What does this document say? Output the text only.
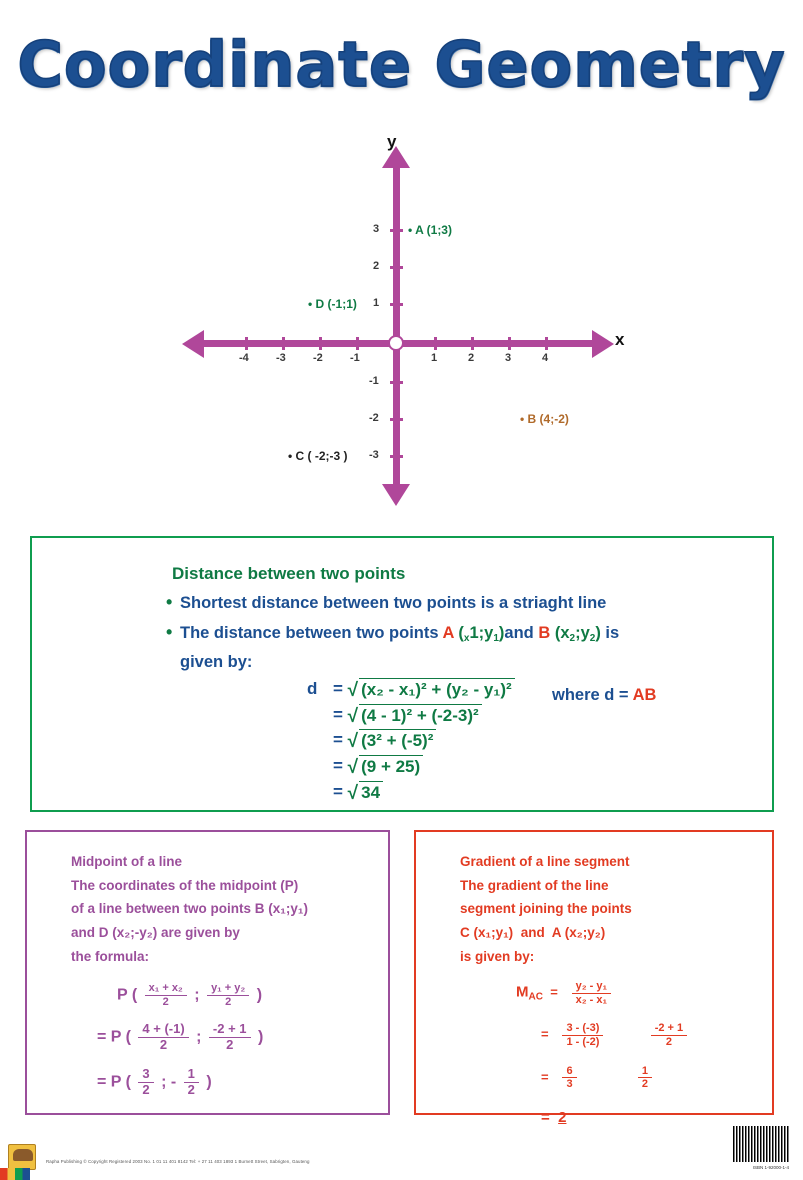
Coordinate Geometry
-4 -3 -2 -1	1	2	3	4
3
2
1
-1
-2
-3
y
x
• A (1;3)
• D (-1;1)
• B (4;-2)
• C ( -2;-3 )
Distance between two points
• Shortest distance between two points is a striaght line
• The distance between two points A $(_x1;y_1)and$ B $(x_2;y_2)$ is
given by:
d =
√ (x₂ - x₁)² + (y₂ - y₁)²
=
√ (4 - 1)² + (-2-3)²
=
√ (3² + (-5)²
=
√ (9 + 25)
=
√ 34
where d = AB
Midpoint of a line
The coordinates of the midpoint (P)
of a line between two points B (x₁;y₁)
and D (x₂;-y₂) are given by
the formula:
P ( $\frac{\text{x₁ + x₂}}{2}$ ; $\frac{\text{y₁ + y₂}}{2}$ )
= P ( $\frac{4 + (-1)}{2}$ ; $\frac{-2 + 1}{2}$ )
= P ( $\frac{3}{2}$ ; - $\frac{1}{2}$ )
Gradient of a line segment
The gradient of the line
segment joining the points
C (x₁;y₁) and A (x₂;y₂)
is given by:
$M_{AC} = \frac{\text{y₂ - y₁}}{\text{x₂ - x₁}}$
= $\frac{3 - (-3)}{1 - (-2)}$
	$\frac{-2 + 1}{2}$
= $\frac{6}{3}$
	$\frac{1}{2}$
= 2
Rapha Publishing © Copyright Registered 2003 No. 1 01 11 401 8142 Tel: + 27 11 403 1893 1 Burnett Street, Sabrigten, Gauteng
ISBN 1-92000-1-4
